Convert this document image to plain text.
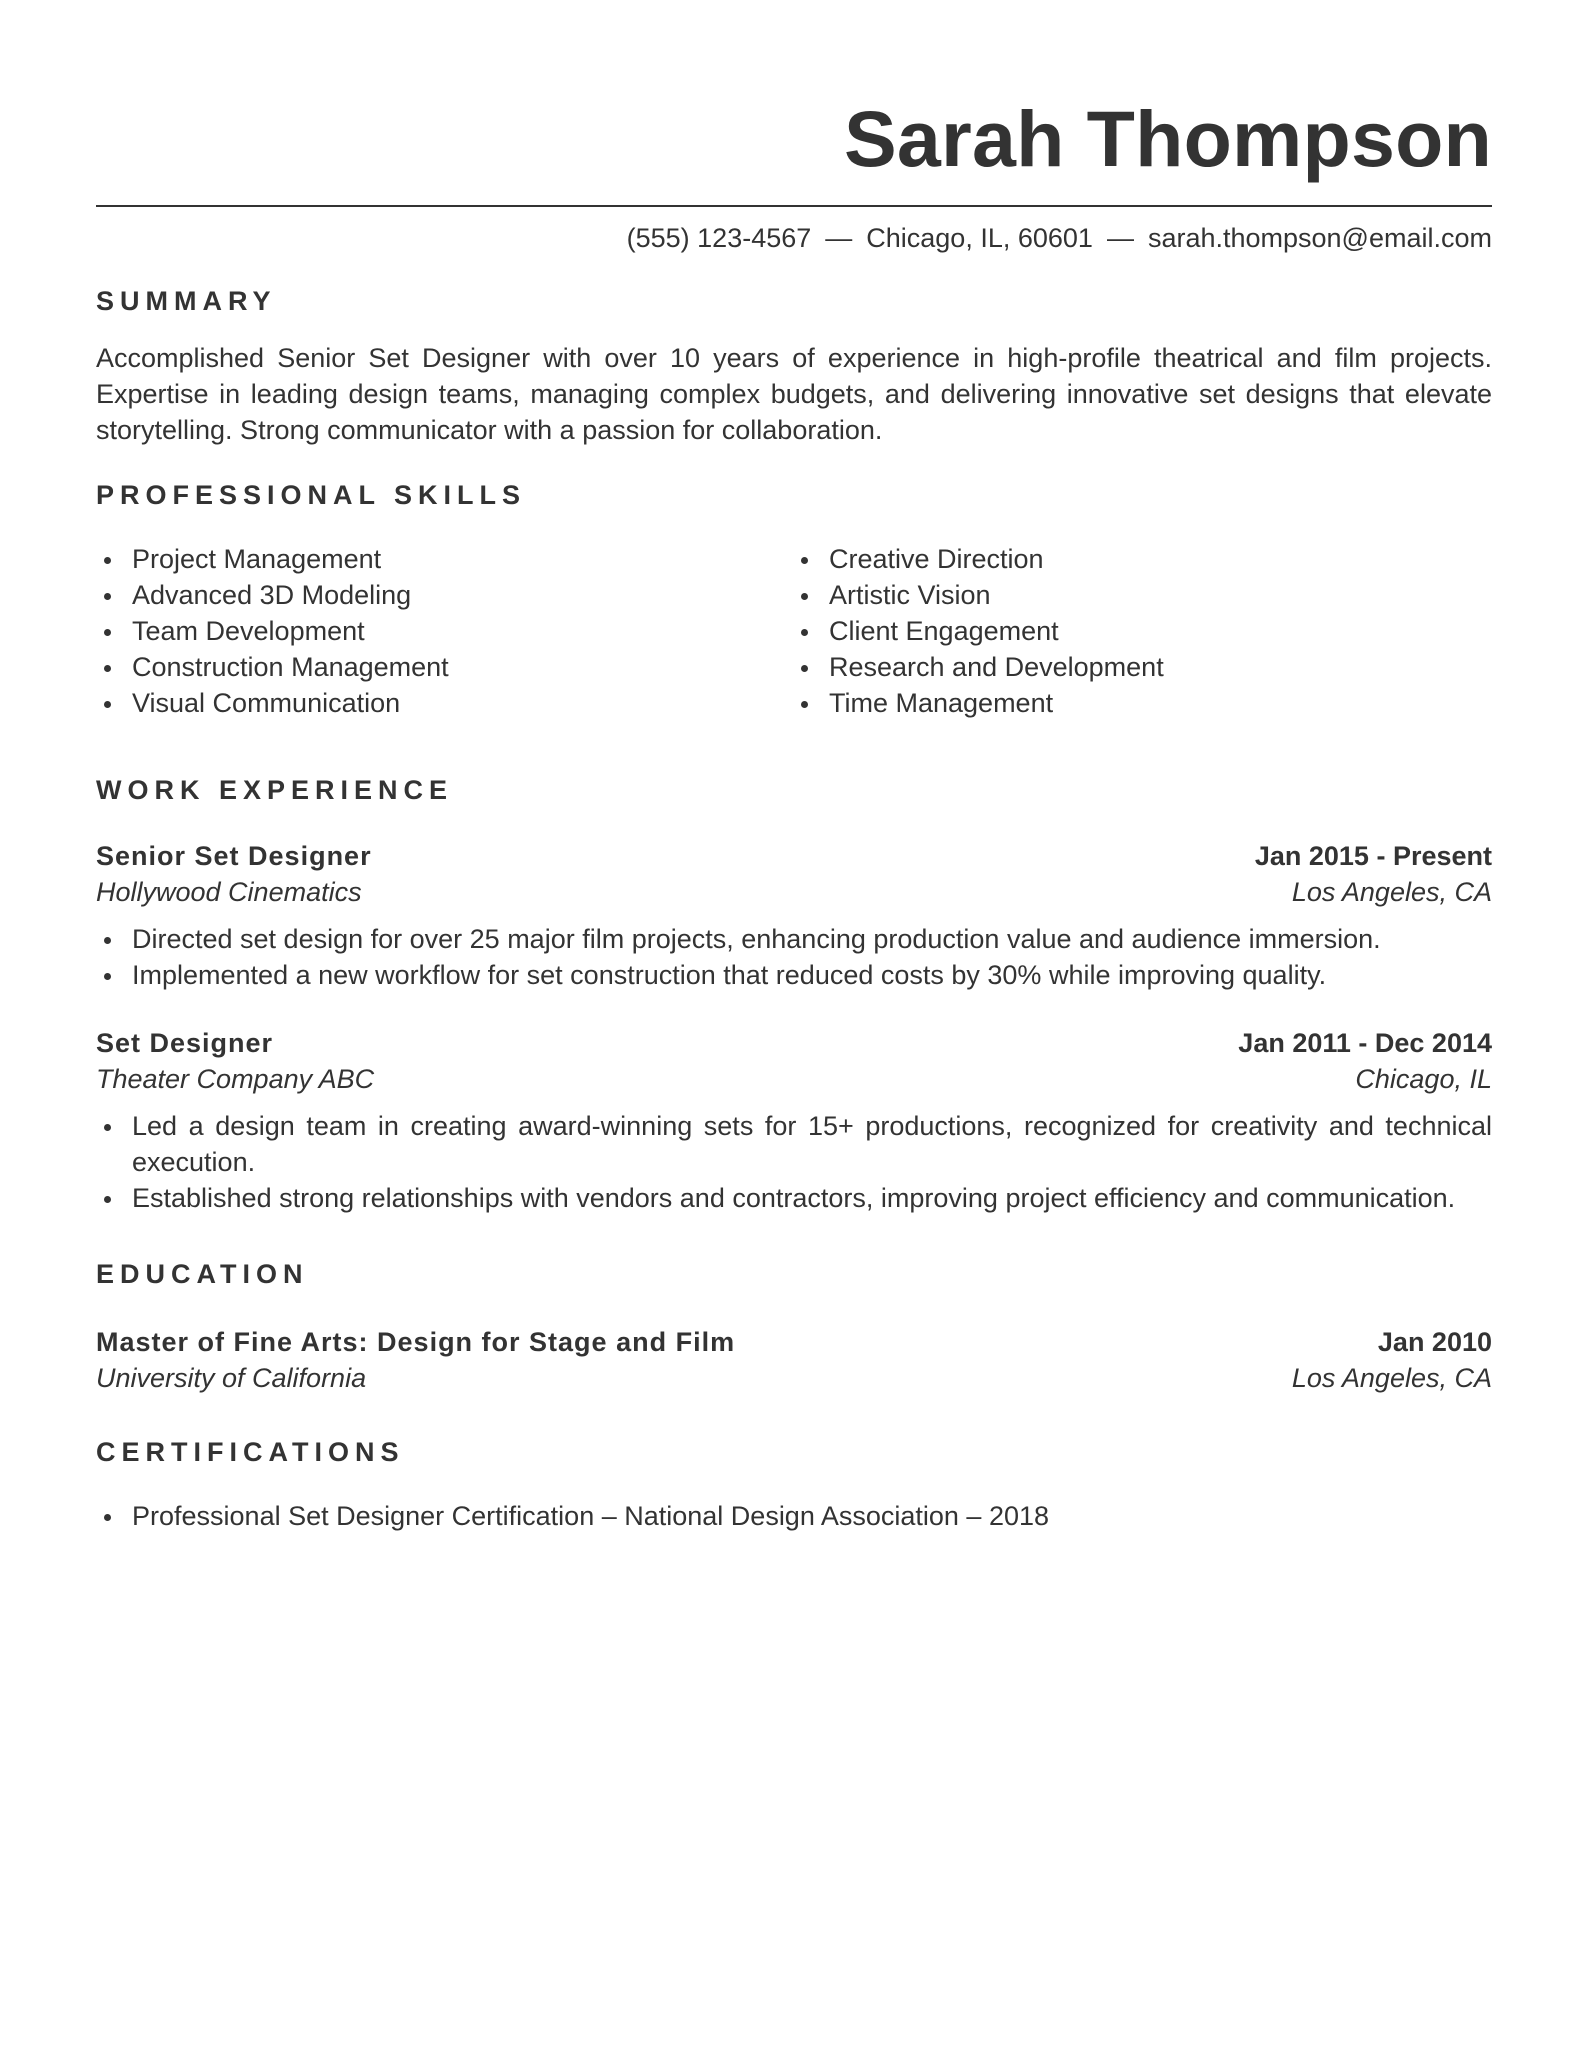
Sarah Thompson
(555) 123-4567 — Chicago, IL, 60601 — sarah.thompson@email.com
SUMMARY

Accomplished Senior Set Designer with over 10 years of experience in high-profile theatrical and film projects. Expertise in leading design teams, managing complex budgets, and delivering innovative set designs that elevate storytelling. Strong communicator with a passion for collaboration.

PROFESSIONAL SKILLS
Project Management
Advanced 3D Modeling
Team Development
Construction Management
Visual Communication
Creative Direction
Artistic Vision
Client Engagement
Research and Development
Time Management
WORK EXPERIENCE
Senior Set Designer	Jan 2015 - Present
Hollywood Cinematics	Los Angeles, CA
Directed set design for over 25 major film projects, enhancing production value and audience immersion.
Implemented a new workflow for set construction that reduced costs by 30% while improving quality.
Set Designer	Jan 2011 - Dec 2014
Theater Company ABC	Chicago, IL
Led a design team in creating award-winning sets for 15+ productions, recognized for creativity and technical execution.
Established strong relationships with vendors and contractors, improving project efficiency and communication.
EDUCATION
Master of Fine Arts: Design for Stage and Film	Jan 2010
University of California	Los Angeles, CA
CERTIFICATIONS
Professional Set Designer Certification – National Design Association – 2018
